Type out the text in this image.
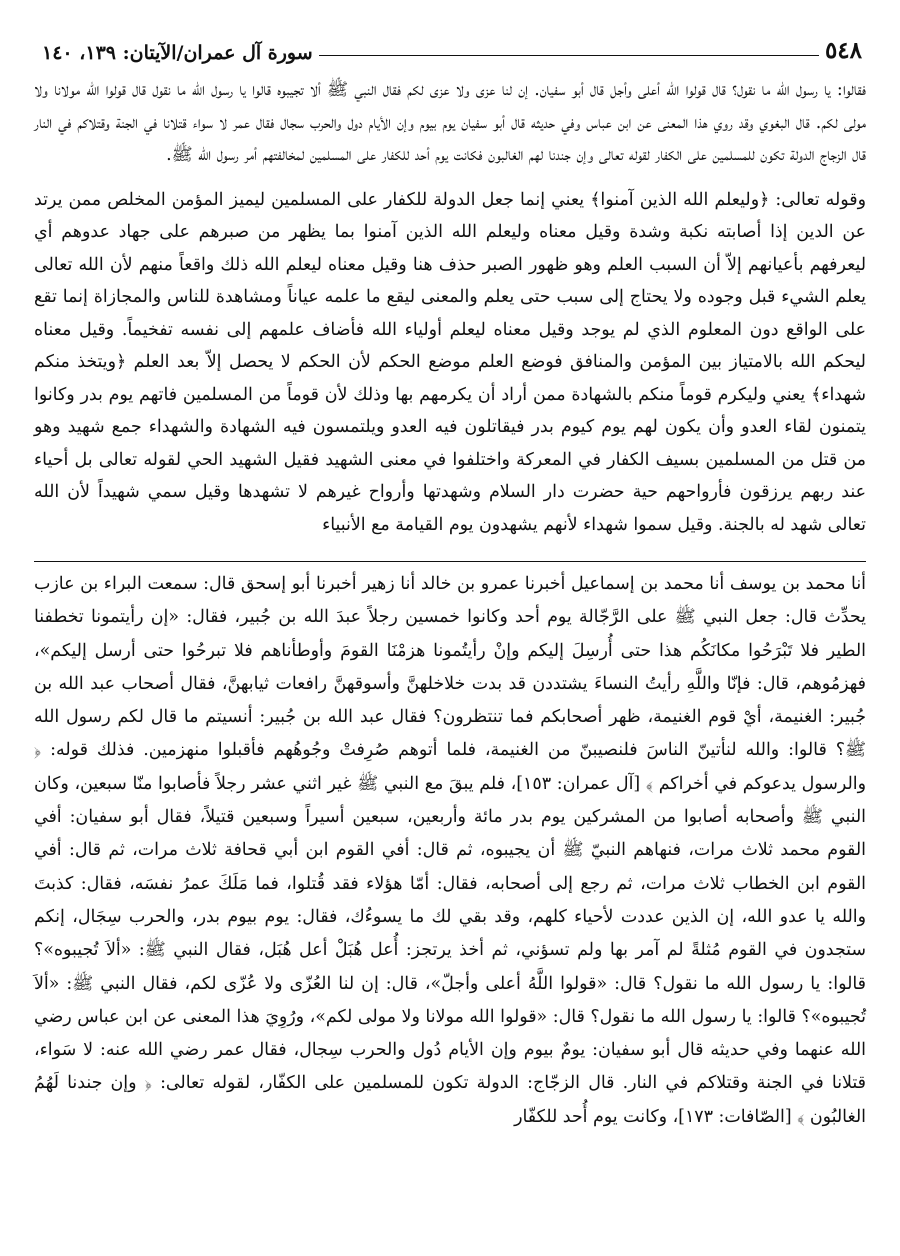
٥٤٨
سورة آل عمران/الآيتان: ١٣٩، ١٤٠

فقالوا: يا رسول الله ما نقول؟ قال قولوا الله أعلى وأجل قال أبو سفيان. إن لنا عزى ولا عزى لكم فقال النبي ﷺ ألا تجيبوه قالوا يا رسول الله ما نقول قال قولوا الله مولانا ولا مولى لكم. قال البغوي وقد روي هذا المعنى عن ابن عباس وفي حديثه قال أبو سفيان يوم بيوم وإن الأيام دول والحرب سجال فقال عمر لا سواء قتلانا في الجنة وقتلاكم في النار قال الزجاج الدولة تكون للمسلمين على الكفار لقوله تعالى وإن جندنا لهم الغالبون فكانت يوم أحد للكفار على المسلمين لمخالفتهم أمر رسول الله ﷺ.

وقوله تعالى: ﴿وليعلم الله الذين آمنوا﴾ يعني إنما جعل الدولة للكفار على المسلمين ليميز المؤمن المخلص ممن يرتد عن الدين إذا أصابته نكبة وشدة وقيل معناه وليعلم الله الذين آمنوا بما يظهر من صبرهم على جهاد عدوهم أي ليعرفهم بأعيانهم إلاّ أن السبب العلم وهو ظهور الصبر حذف هنا وقيل معناه ليعلم الله ذلك واقعاً منهم لأن الله تعالى يعلم الشيء قبل وجوده ولا يحتاج إلى سبب حتى يعلم والمعنى ليقع ما علمه عياناً ومشاهدة للناس والمجازاة إنما تقع على الواقع دون المعلوم الذي لم يوجد وقيل معناه ليعلم أولياء الله فأضاف علمهم إلى نفسه تفخيماً. وقيل معناه ليحكم الله بالامتياز بين المؤمن والمنافق فوضع العلم موضع الحكم لأن الحكم لا يحصل إلاّ بعد العلم ﴿ويتخذ منكم شهداء﴾ يعني وليكرم قوماً منكم بالشهادة ممن أراد أن يكرمهم بها وذلك لأن قوماً من المسلمين فاتهم يوم بدر وكانوا يتمنون لقاء العدو وأن يكون لهم يوم كيوم بدر فيقاتلون فيه العدو ويلتمسون فيه الشهادة والشهداء جمع شهيد وهو من قتل من المسلمين بسيف الكفار في المعركة واختلفوا في معنى الشهيد فقيل الشهيد الحي لقوله تعالى بل أحياء عند ربهم يرزقون فأرواحهم حية حضرت دار السلام وشهدتها وأرواح غيرهم لا تشهدها وقيل سمي شهيداً لأن الله تعالى شهد له بالجنة. وقيل سموا شهداء لأنهم يشهدون يوم القيامة مع الأنبياء

أنا محمد بن يوسف أنا محمد بن إسماعيل أخبرنا عمرو بن خالد أنا زهير أخبرنا أبو إسحق قال: سمعت البراء بن عازب يحدِّث قال: جعل النبي ﷺ على الرَّجّالة يوم أحد وكانوا خمسين رجلاً عبدَ الله بن جُبير، فقال: «إن رأيتمونا تخطفنا الطير فلا تَبْرَحُوا مكانَكُم هذا حتى أُرسِلَ إليكم وإنْ رأيتُمونا هزمْنَا القومَ وأوطأناهم فلا تبرحُوا حتى أرسل إليكم»، فهزمُوهم، قال: فإنّا واللَّهِ رأيتُ النساءَ يشتددن قد بدت خلاخلهنَّ وأسوقهنَّ رافعات ثيابهنَّ، فقال أصحاب عبد الله بن جُبير: الغنيمة، أيْ قوم الغنيمة، ظهر أصحابكم فما تنتظرون؟ فقال عبد الله بن جُبير: أنسيتم ما قال لكم رسول الله ﷺ؟ قالوا: والله لنأتينّ الناسَ فلنصيبنّ من الغنيمة، فلما أتوهم صُرِفتْ وجُوهُهم فأقبلوا منهزمين. فذلك قوله: ﴿ والرسول يدعوكم في أخراكم ﴾ [آل عمران: ١٥٣]، فلم يبقَ مع النبي ﷺ غير اثني عشر رجلاً فأصابوا منّا سبعين، وكان النبي ﷺ وأصحابه أصابوا من المشركين يوم بدر مائة وأربعين، سبعين أسيراً وسبعين قتيلاً، فقال أبو سفيان: أفي القوم محمد ثلاث مرات، فنهاهم النبيّ ﷺ أن يجيبوه، ثم قال: أفي القوم ابن أبي قحافة ثلاث مرات، ثم قال: أفي القوم ابن الخطاب ثلاث مرات، ثم رجع إلى أصحابه، فقال: أمّا هؤلاء فقد قُتلوا، فما مَلَكَ عمرُ نفسَه، فقال: كذبتَ والله يا عدو الله، إن الذين عددت لأحياء كلهم، وقد بقي لك ما يسوءُك، فقال: يوم بيوم بدر، والحرب سِجَال، إنكم ستجدون في القوم مُثلةً لم آمر بها ولم تسؤني، ثم أخذ يرتجز: أُعل هُبَلْ أعل هُبَل، فقال النبي ﷺ: «ألاَ تُجيبوه»؟ قالوا: يا رسول الله ما نقول؟ قال: «قولوا اللَّهُ أعلى وأجلّ»، قال: إن لنا العُزّى ولا عُزّى لكم، فقال النبي ﷺ: «ألاَ تُجيبوه»؟ قالوا: يا رسول الله ما نقول؟ قال: «قولوا الله مولانا ولا مولى لكم»، ورُوِيَ هذا المعنى عن ابن عباس رضي الله عنهما وفي حديثه قال أبو سفيان: يومٌ بيوم وإن الأيام دُول والحرب سِجال، فقال عمر رضي الله عنه: لا سَواء، قتلانا في الجنة وقتلاكم في النار. قال الزجّاج: الدولة تكون للمسلمين على الكفّار، لقوله تعالى: ﴿ وإن جندنا لَهُمُ الغالبُون ﴾ [الصّافات: ١٧٣]، وكانت يوم أُحد للكفّار
